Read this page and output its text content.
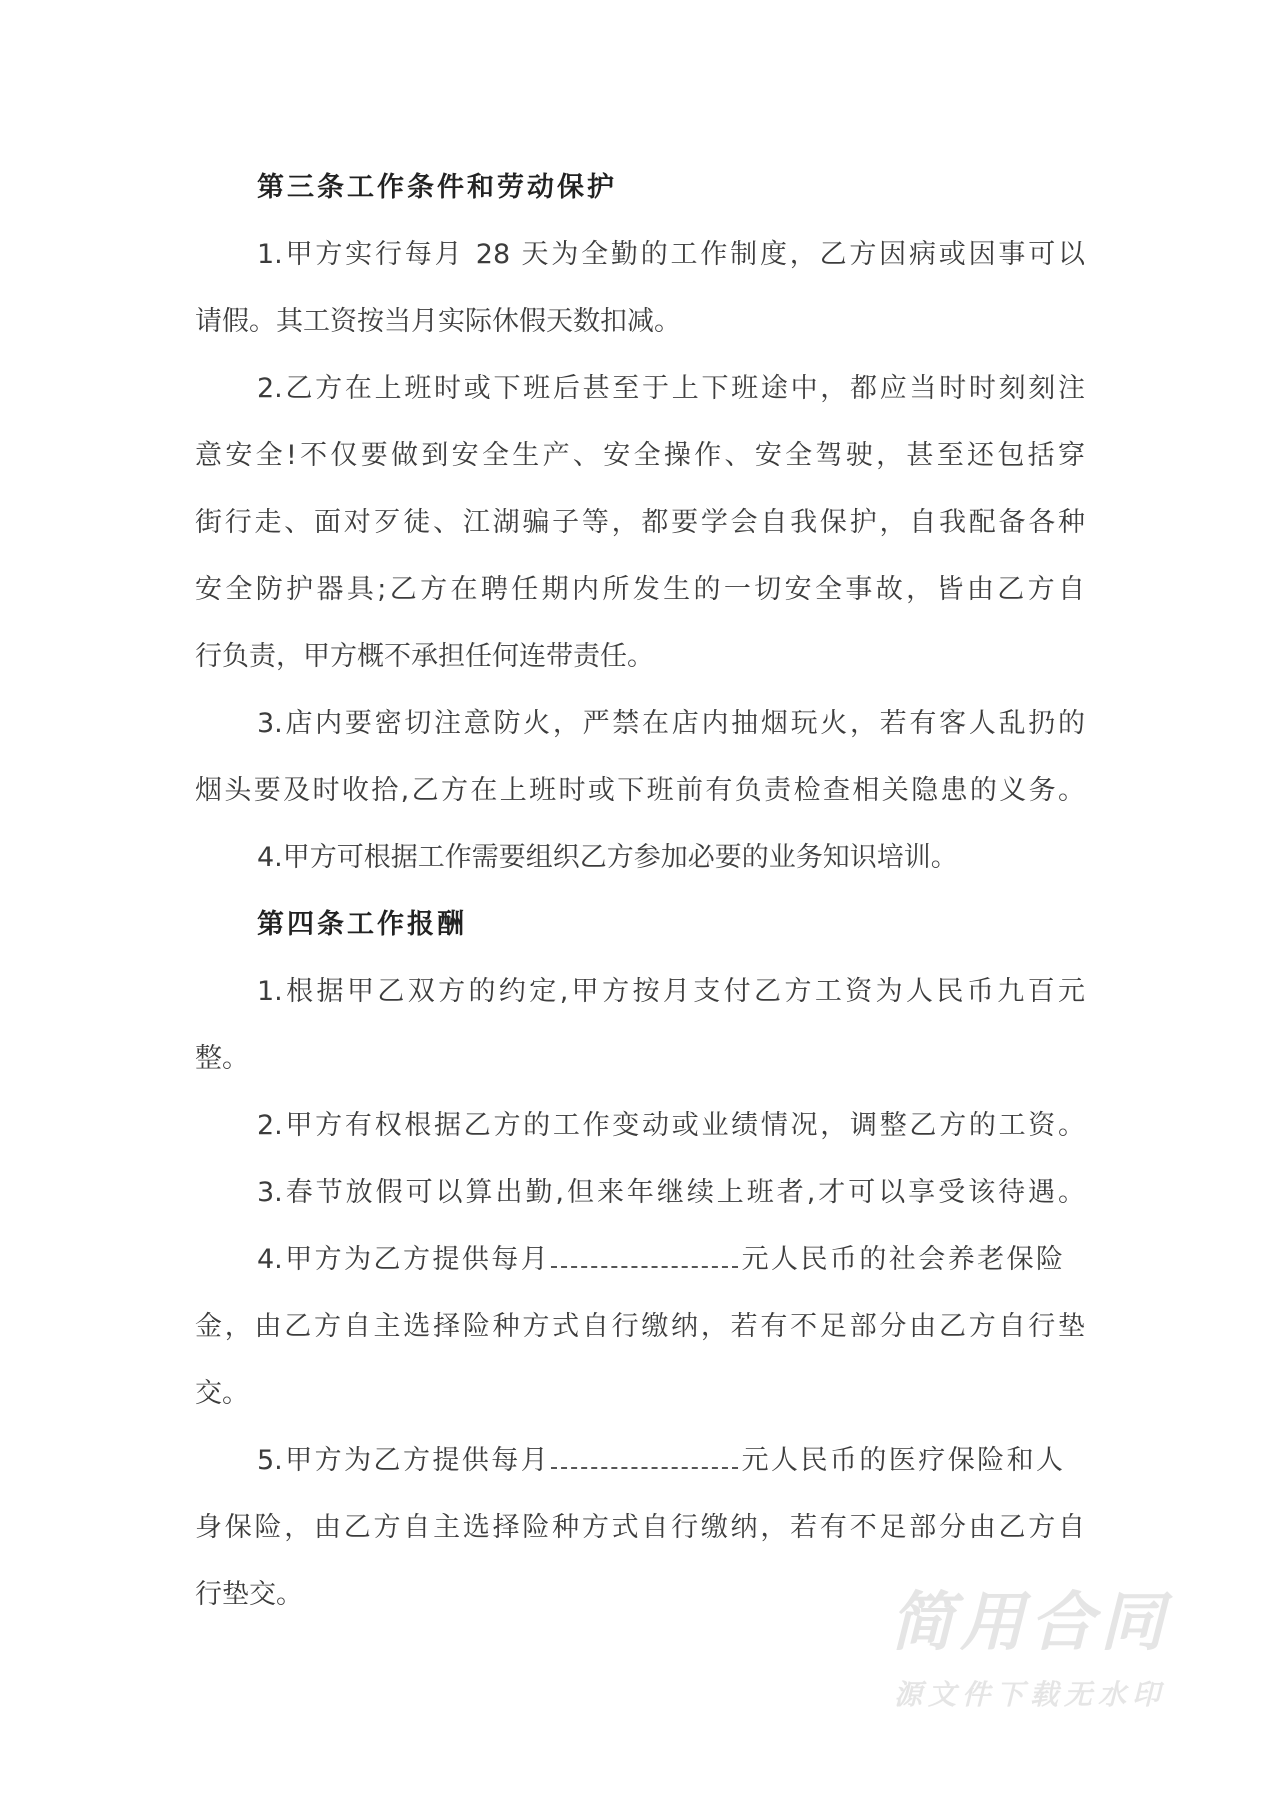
第三条工作条件和劳动保护
1.甲方实行每月 28 天为全勤的工作制度，乙方因病或因事可以
请假。其工资按当月实际休假天数扣减。
2.乙方在上班时或下班后甚至于上下班途中，都应当时时刻刻注
意安全!不仅要做到安全生产、安全操作、安全驾驶，甚至还包括穿
街行走、面对歹徒、江湖骗子等，都要学会自我保护，自我配备各种
安全防护器具;乙方在聘任期内所发生的一切安全事故，皆由乙方自
行负责，甲方概不承担任何连带责任。
3.店内要密切注意防火，严禁在店内抽烟玩火，若有客人乱扔的
烟头要及时收拾,乙方在上班时或下班前有负责检查相关隐患的义务。
4.甲方可根据工作需要组织乙方参加必要的业务知识培训。
第四条工作报酬
1.根据甲乙双方的约定,甲方按月支付乙方工资为人民币九百元
整。
2.甲方有权根据乙方的工作变动或业绩情况，调整乙方的工资。
3.春节放假可以算出勤,但来年继续上班者,才可以享受该待遇。
4.甲方为乙方提供每月	元人民币的社会养老保险
金，由乙方自主选择险种方式自行缴纳，若有不足部分由乙方自行垫
交。
5.甲方为乙方提供每月	元人民币的医疗保险和人
身保险，由乙方自主选择险种方式自行缴纳，若有不足部分由乙方自
行垫交。	简用合同
源文件下载无水印
